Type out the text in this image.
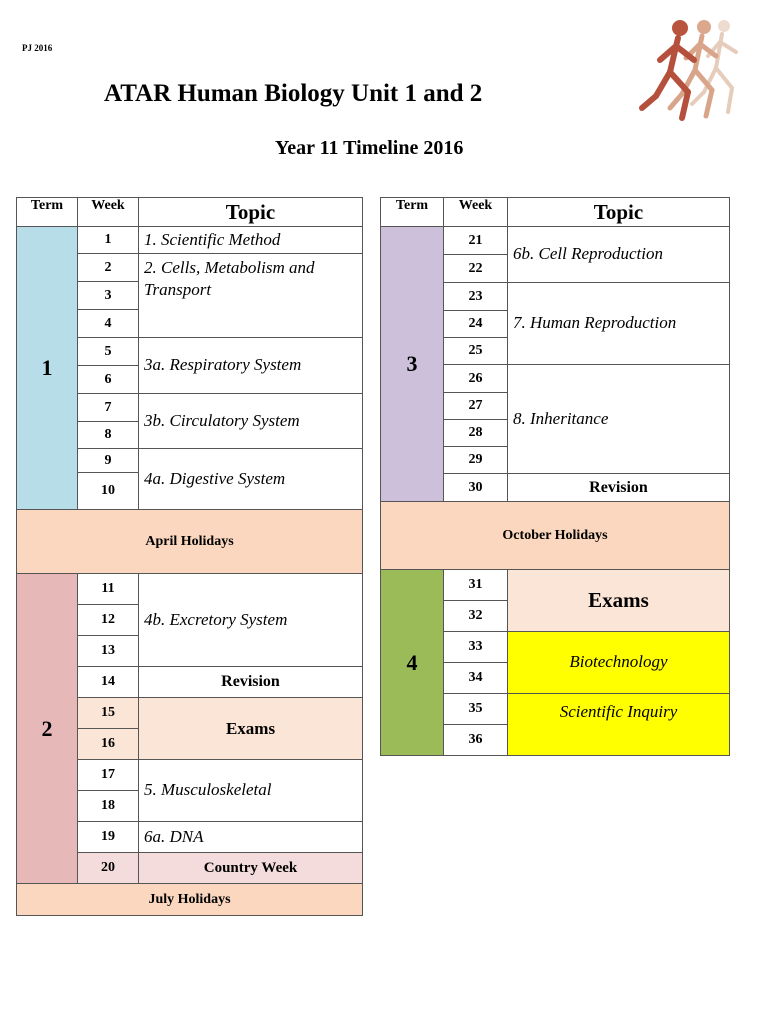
PJ 2016
ATAR Human Biology Unit 1 and 2
Year 11 Timeline 2016
Term	Week	Topic
1	1	1. Scientific Method
	2	2. Cells, Metabolism and Transport
	3	
	4	
	5	3a. Respiratory System
	6	
	7	3b. Circulatory System
	8	
	9	4a. Digestive System
	10	
April Holidays		
2	11	4b. Excretory System
	12	
	13	
	14	Revision
	15	Exams
	16	
	17	5. Musculoskeletal
	18	
	19	6a. DNA
	20	Country Week
July Holidays		
Term	Week	Topic
3	21	6b. Cell Reproduction
	22	
	23	7. Human Reproduction
	24	
	25	
	26	8. Inheritance
	27	
	28	
	29	
	30	Revision
October Holidays		
4	31	Exams
	32	
	33	Biotechnology
	34	
	35	Scientific Inquiry
	36	
